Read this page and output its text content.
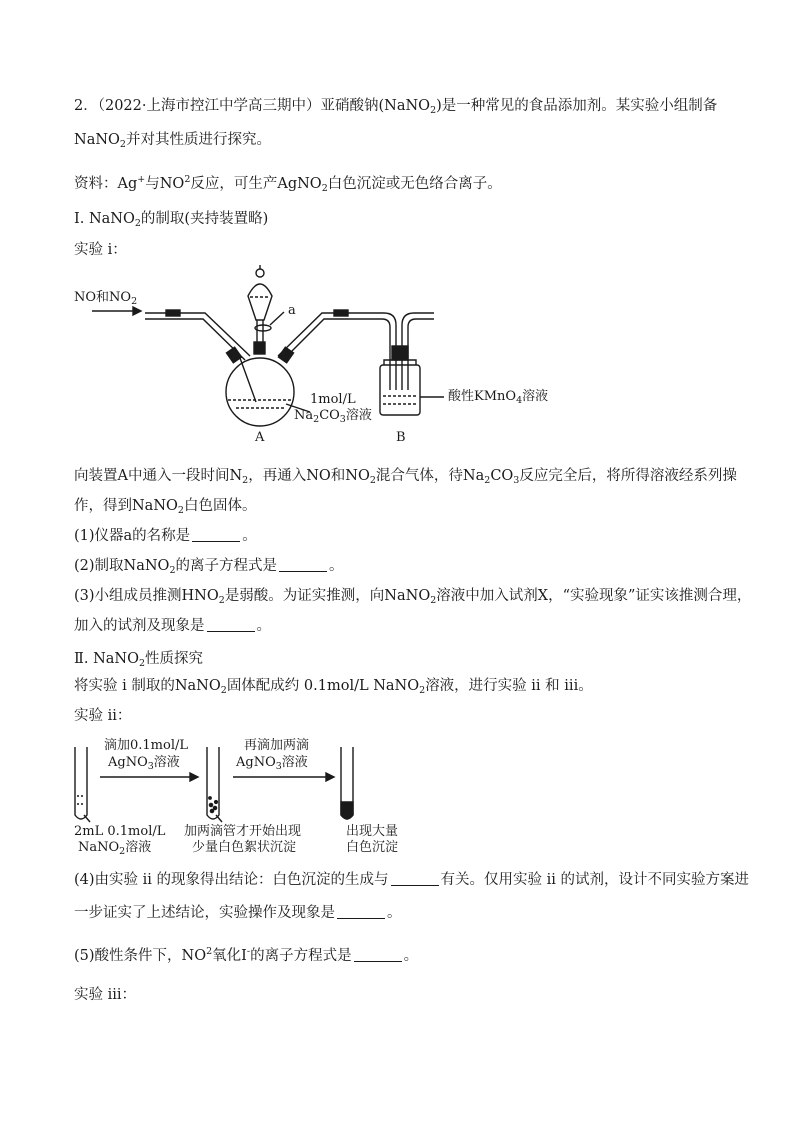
2．（2022·上海市控江中学高三期中）亚硝酸钠(NaNO$_2$)是一种常见的食品添加剂。某实验小组制备
NaNO$_2$并对其性质进行探究。
资料：Ag+与$NO^2$反应，可生产AgNO$_2$白色沉淀或无色络合离子。
Ⅰ. NaNO$_2$的制取(夹持装置略)
实验 i：
NO和$NO_2$
a
1mol/L
$Na_2CO_3$溶液
酸性KMnO$_4$溶液
A	B
向装置A中通入一段时间$N_2$，再通入NO和$NO_2$混合气体，待$Na_2CO_3$反应完全后，将所得溶液经系列操
作，得到NaNO$_2$白色固体。
(1)仪器a的名称是	。
(2)制取NaNO$_2$的离子方程式是	。
(3)小组成员推测$HNO_2$是弱酸。为证实推测，向NaNO$_2$溶液中加入试剂X，“实验现象”证实该推测合理，
加入的试剂及现象是	。
Ⅱ. NaNO$_2$性质探究
将实验 i 制取的NaNO$_2$固体配成约 0.1mol/L NaNO$_2$溶液，进行实验 ii 和 iii。
实验 ii：
滴加0.1mol/L
AgNO$_3$溶液
再滴加两滴
AgNO$_3$溶液
2mL 0.1mol/L
NaNO$_2$溶液
加两滴管才开始出现
少量白色絮状沉淀
出现大量
白色沉淀
(4)由实验 ii 的现象得出结论：白色沉淀的生成与	有关。仅用实验 ii 的试剂，设计不同实验方案进
一步证实了上述结论，实验操作及现象是	。
(5)酸性条件下，$NO^2$氧化I-的离子方程式是	。
实验 iii：
